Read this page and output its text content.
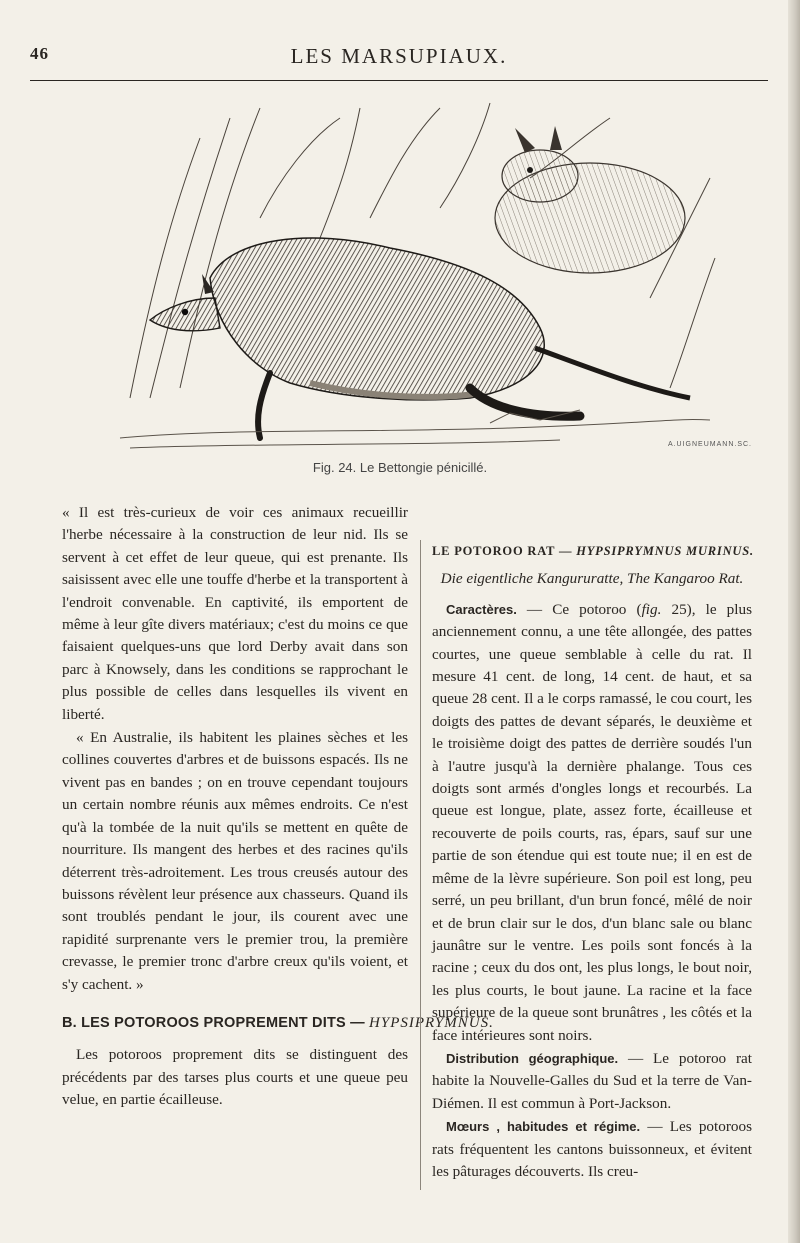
46	LES MARSUPIAUX.
A.UIGNEUMANN.SC.
Fig. 24. Le Bettongie pénicillé.

« Il est très-curieux de voir ces animaux recueillir l'herbe nécessaire à la construction de leur nid. Ils se servent à cet effet de leur queue, qui est prenante. Ils saisissent avec elle une touffe d'herbe et la transportent à l'endroit convenable. En captivité, ils emportent de même à leur gîte divers matériaux; c'est du moins ce que faisaient quelques-uns que lord Derby avait dans son parc à Knowsely, dans les conditions se rapprochant le plus possible de celles dans lesquelles ils vivent en liberté.

« En Australie, ils habitent les plaines sèches et les collines couvertes d'arbres et de buissons espacés. Ils ne vivent pas en bandes ; on en trouve cependant toujours un certain nombre réunis aux mêmes endroits. Ce n'est qu'à la tombée de la nuit qu'ils se mettent en quête de nourriture. Ils mangent des herbes et des racines qu'ils déterrent très-adroitement. Les trous creusés autour des buissons révèlent leur présence aux chasseurs. Quand ils sont troublés pendant le jour, ils courent avec une rapidité surprenante vers le premier trou, la première crevasse, le premier tronc d'arbre creux qu'ils voient, et s'y cachent. »

B. LES POTOROOS PROPREMENT DITS — HYPSIPRYMNUS.

Les potoroos proprement dits se distinguent des précédents par des tarses plus courts et une queue peu velue, en partie écailleuse.

LE POTOROO RAT — HYPSIPRYMNUS MURINUS.

Die eigentliche Kangururatte, The Kangaroo Rat.

Caractères. — Ce potoroo (fig. 25), le plus anciennement connu, a une tête allongée, des pattes courtes, une queue semblable à celle du rat. Il mesure 41 cent. de long, 14 cent. de haut, et sa queue 28 cent. Il a le corps ramassé, le cou court, les doigts des pattes de devant séparés, le deuxième et le troisième doigt des pattes de derrière soudés l'un à l'autre jusqu'à la dernière phalange. Tous ces doigts sont armés d'ongles longs et recourbés. La queue est longue, plate, assez forte, écailleuse et recouverte de poils courts, ras, épars, sauf sur une partie de son étendue qui est toute nue; il en est de même de la lèvre supérieure. Son poil est long, peu serré, un peu brillant, d'un brun foncé, mêlé de noir et de brun clair sur le dos, d'un blanc sale ou blanc jaunâtre sur le ventre. Les poils sont foncés à la racine ; ceux du dos ont, les plus longs, le bout noir, les plus courts, le bout jaune. La racine et la face supérieure de la queue sont brunâtres , les côtés et la face intérieures sont noirs.

Distribution géographique. — Le potoroo rat habite la Nouvelle-Galles du Sud et la terre de Van-Diémen. Il est commun à Port-Jackson.

Mœurs , habitudes et régime. — Les potoroos rats fréquentent les cantons buissonneux, et évitent les pâturages découverts. Ils creu-
